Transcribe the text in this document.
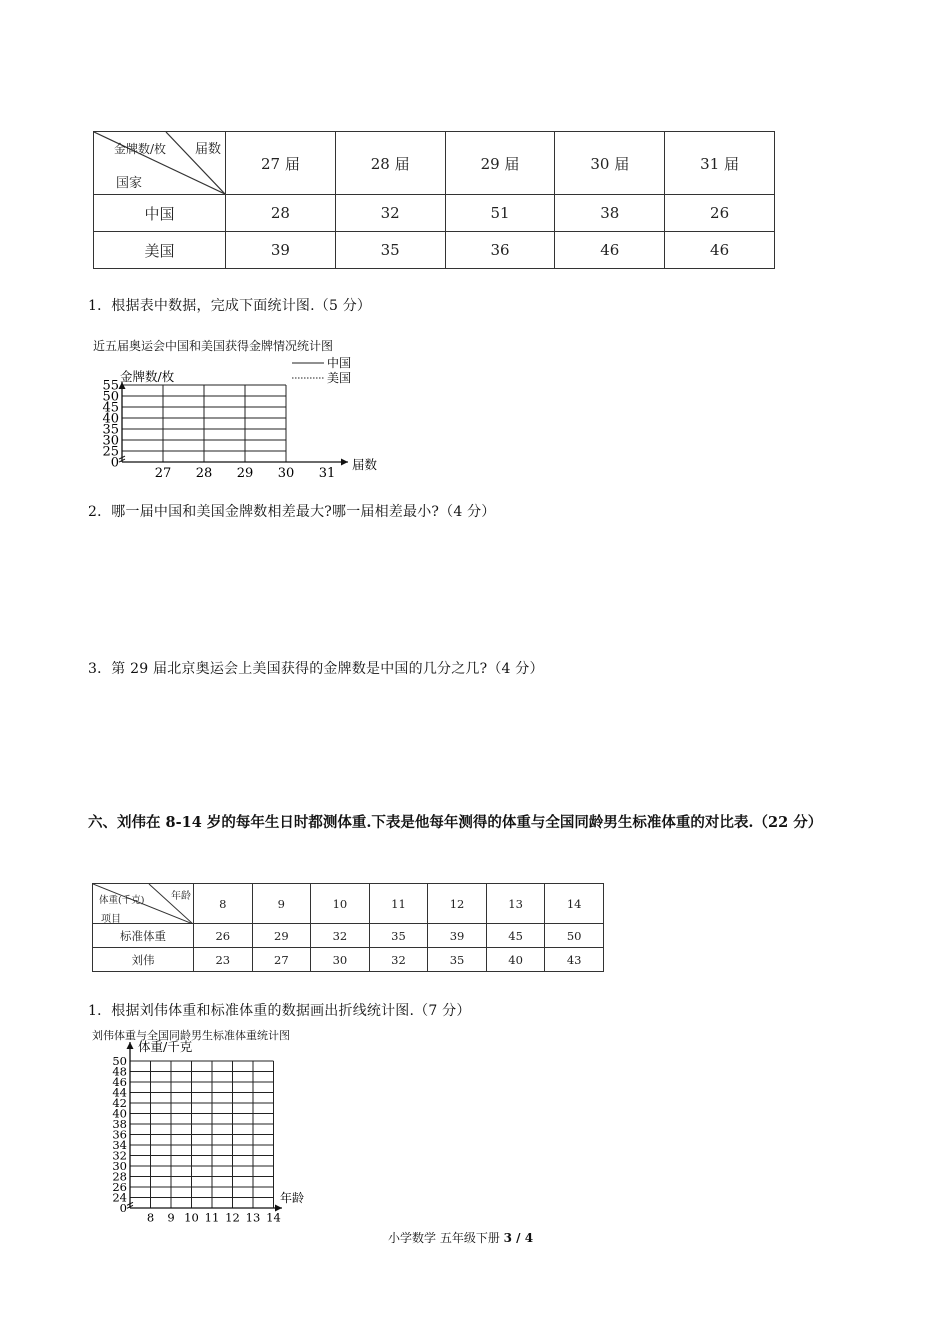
届数
金牌数/枚
国家	27 届	28 届	29 届	30 届	31 届
中国	28	32	51	38	26
美国	39	35	36	46	46
1．根据表中数据，完成下面统计图.（5 分）
近五届奥运会中国和美国获得金牌情况统计图
中国
美国
金牌数/枚
届数
0
25
30
35
40
45
50
55
27 28 29 30 31
2．哪一届中国和美国金牌数相差最大?哪一届相差最小?（4 分）
3．第 29 届北京奥运会上美国获得的金牌数是中国的几分之几?（4 分）
六、刘伟在 8-14 岁的每年生日时都测体重.下表是他每年测得的体重与全国同龄男生标准体重的对比表.（22 分）
年龄
体重(千克)
项目	8	9	10	11	12	13	14
标准体重	26	29	32	35	39	45	50
刘伟	23	27	30	32	35	40	43
1．根据刘伟体重和标准体重的数据画出折线统计图.（7 分）
刘伟体重与全国同龄男生标准体重统计图
体重/千克
年龄
0
24
26
28
30
32
34
36
38
40
42
44
46
48
50
8 9 10 11 12 13 14
小学数学 五年级下册 3 / 4
